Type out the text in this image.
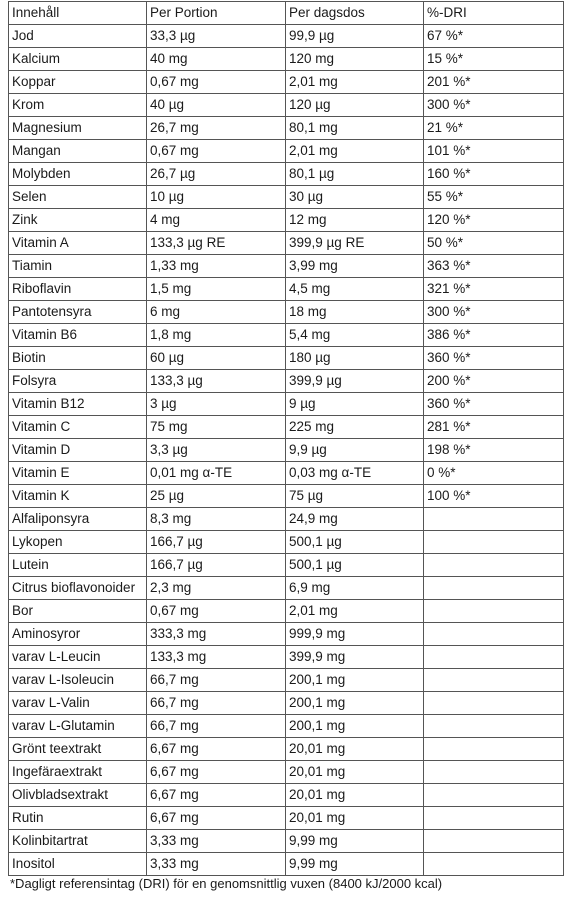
Innehåll	Per Portion	Per dagsdos	%-DRI
Jod	33,3 µg	99,9 µg	67 %*
Kalcium	40 mg	120 mg	15 %*
Koppar	0,67 mg	2,01 mg	201 %*
Krom	40 µg	120 µg	300 %*
Magnesium	26,7 mg	80,1 mg	21 %*
Mangan	0,67 mg	2,01 mg	101 %*
Molybden	26,7 µg	80,1 µg	160 %*
Selen	10 µg	30 µg	55 %*
Zink	4 mg	12 mg	120 %*
Vitamin A	133,3 µg RE	399,9 µg RE	50 %*
Tiamin	1,33 mg	3,99 mg	363 %*
Riboflavin	1,5 mg	4,5 mg	321 %*
Pantotensyra	6 mg	18 mg	300 %*
Vitamin B6	1,8 mg	5,4 mg	386 %*
Biotin	60 µg	180 µg	360 %*
Folsyra	133,3 µg	399,9 µg	200 %*
Vitamin B12	3 µg	9 µg	360 %*
Vitamin C	75 mg	225 mg	281 %*
Vitamin D	3,3 µg	9,9 µg	198 %*
Vitamin E	0,01 mg α-TE	0,03 mg α-TE	0 %*
Vitamin K	25 µg	75 µg	100 %*
Alfaliponsyra	8,3 mg	24,9 mg	
Lykopen	166,7 µg	500,1 µg	
Lutein	166,7 µg	500,1 µg	
Citrus bioflavonoider	2,3 mg	6,9 mg	
Bor	0,67 mg	2,01 mg	
Aminosyror	333,3 mg	999,9 mg	
varav L-Leucin	133,3 mg	399,9 mg	
varav L-Isoleucin	66,7 mg	200,1 mg	
varav L-Valin	66,7 mg	200,1 mg	
varav L-Glutamin	66,7 mg	200,1 mg	
Grönt teextrakt	6,67 mg	20,01 mg	
Ingefäraextrakt	6,67 mg	20,01 mg	
Olivbladsextrakt	6,67 mg	20,01 mg	
Rutin	6,67 mg	20,01 mg	
Kolinbitartrat	3,33 mg	9,99 mg	
Inositol	3,33 mg	9,99 mg	
*Dagligt referensintag (DRI) för en genomsnittlig vuxen (8400 kJ/2000 kcal)
